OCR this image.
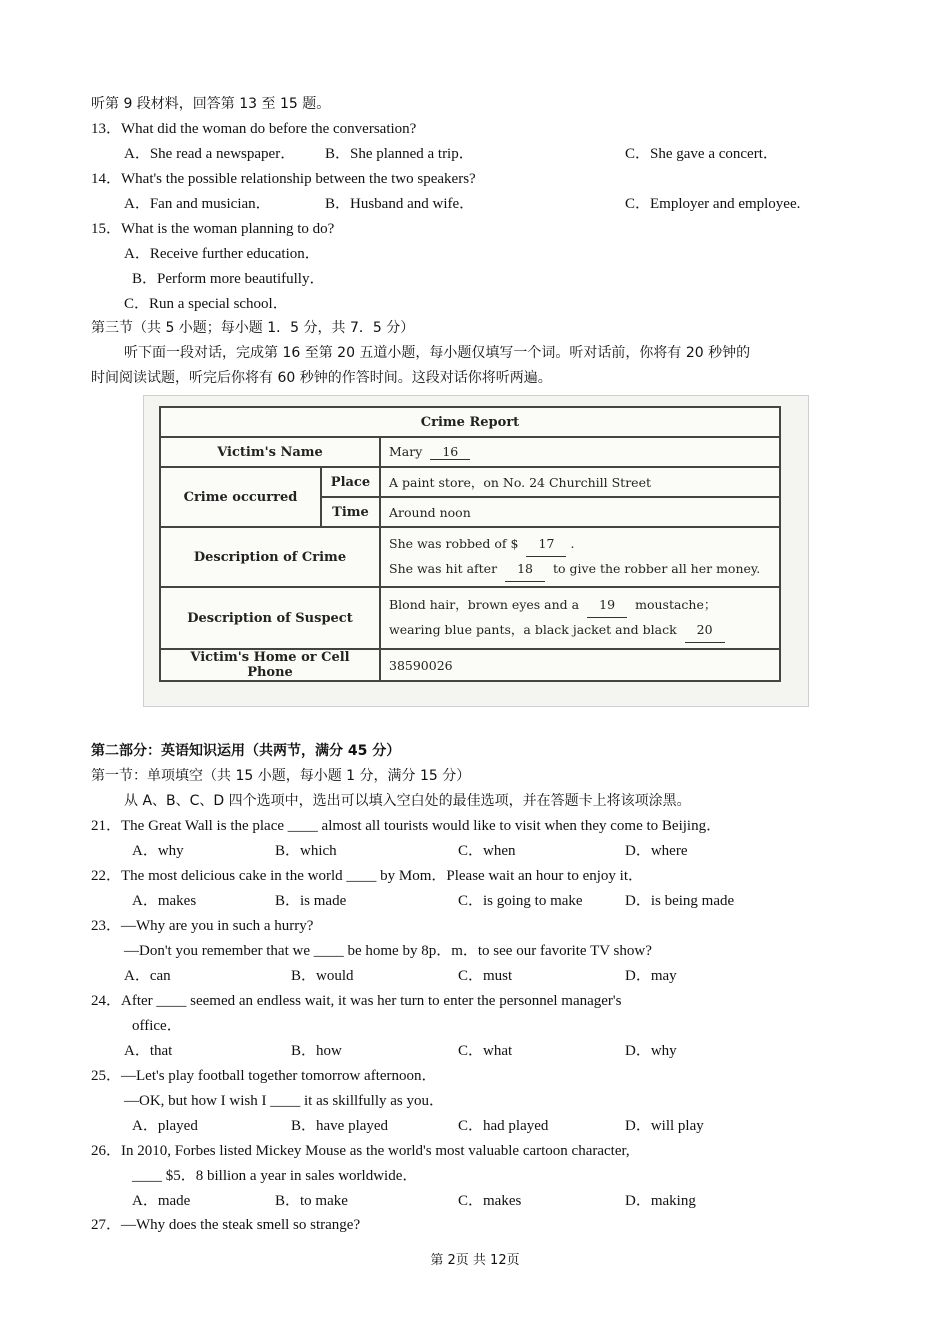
听第 9 段材料，回答第 13 至 15 题。
13．What did the woman do before the conversation?
A．She read a newspaper． B．She planned a trip．	C．She gave a concert．
14．What's the possible relationship between the two speakers?
A．Fan and musician．	B．Husband and wife．	C．Employer and employee.
15．What is the woman planning to do?
A．Receive further education．
B．Perform more beautifully．
C．Run a special school．
第三节（共 5 小题；每小题 1．5 分，共 7．5 分）
听下面一段对话，完成第 16 至第 20 五道小题，每小题仅填写一个词。听对话前，你将有 20 秒钟的
时间阅读试题，听完后你将有 60 秒钟的作答时间。这段对话你将听两遍。
Crime Report		
Victim's Name		Mary 16
Crime occurred	Place	A paint store，on No. 24 Churchill Street
	Time	Around noon
Description of Crime		She was robbed of $ 17 .
She was hit after 18 to give the robber all her money.
Description of Suspect		Blond hair，brown eyes and a 19 moustache；
wearing blue pants，a black jacket and black 20
Victim's Home or Cell Phone		38590026
第二部分：英语知识运用（共两节，满分 45 分）
第一节：单项填空（共 15 小题，每小题 1 分，满分 15 分）
从 A、B、C、D 四个选项中，选出可以填入空白处的最佳选项，并在答题卡上将该项涂黑。
21．The Great Wall is the place ____ almost all tourists would like to visit when they come to Beijing．
A．why	B．which	C．when	D．where
22．The most delicious cake in the world ____ by Mom．Please wait an hour to enjoy it．
A．makes	B．is made	C．is going to make	D．is being made
23．—Why are you in such a hurry?
—Don't you remember that we ____ be home by 8p．m．to see our favorite TV show?
A．can	B．would	C．must	D．may
24．After ____ seemed an endless wait, it was her turn to enter the personnel manager's
office．
A．that	B．how	C．what	D．why
25．—Let's play football together tomorrow afternoon．
—OK, but how I wish I ____ it as skillfully as you．
A．played	B．have played	C．had played	D．will play
26．In 2010, Forbes listed Mickey Mouse as the world's most valuable cartoon character,
____ $5．8 billion a year in sales worldwide．
A．made	B．to make	C．makes	D．making
27．—Why does the steak smell so strange?
第 2页 共 12页
